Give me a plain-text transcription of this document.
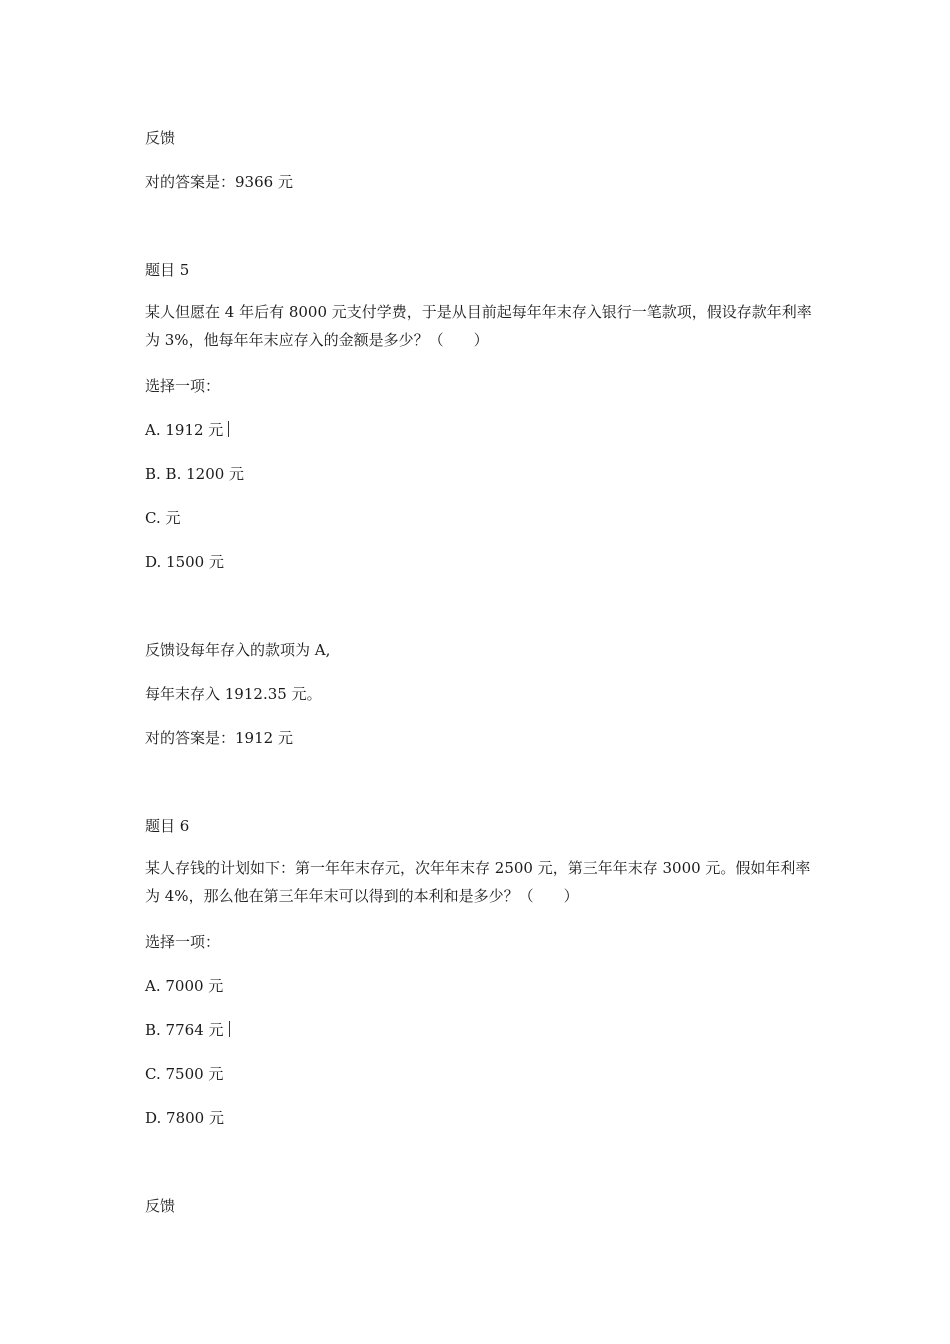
反馈
对的答案是：9366 元
题目 5
某人但愿在 4 年后有 8000 元支付学费，于是从目前起每年年末存入银行一笔款项，假设存款年利率为 3%，他每年年末应存入的金额是多少？（　　）
选择一项：
A. 1912 元
B. B. 1200 元
C. 元
D. 1500 元
反馈设每年存入的款项为 A,
每年末存入 1912.35 元。
对的答案是：1912 元
题目 6
某人存钱的计划如下：第一年年末存元，次年年末存 2500 元，第三年年末存 3000 元。假如年利率为 4%，那么他在第三年年末可以得到的本利和是多少？（　　）
选择一项：
A. 7000 元
B. 7764 元
C. 7500 元
D. 7800 元
反馈
